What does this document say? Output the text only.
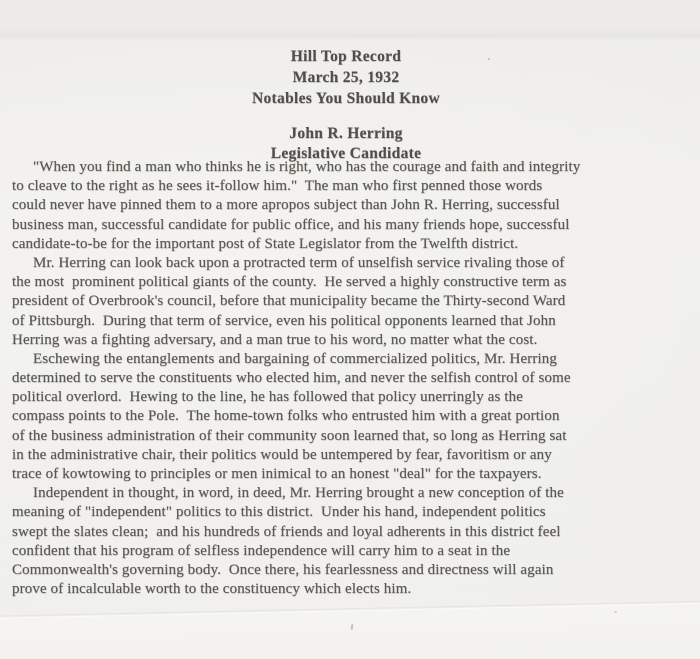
Hill Top Record
March 25, 1932
Notables You Should Know
John R. Herring
Legislative Candidate

"When you find a man who thinks he is right, who has the courage and faith and integrity
to cleave to the right as he sees it-follow him."  The man who first penned those words
could never have pinned them to a more apropos subject than John R. Herring, successful
business man, successful candidate for public office, and his many friends hope, successful
candidate-to-be for the important post of State Legislator from the Twelfth district.

Mr. Herring can look back upon a protracted term of unselfish service rivaling those of
the most  prominent political giants of the county.  He served a highly constructive term as
president of Overbrook's council, before that municipality became the Thirty-second Ward
of Pittsburgh.  During that term of service, even his political opponents learned that John
Herring was a fighting adversary, and a man true to his word, no matter what the cost.

Eschewing the entanglements and bargaining of commercialized politics, Mr. Herring
determined to serve the constituents who elected him, and never the selfish control of some
political overlord.  Hewing to the line, he has followed that policy unerringly as the
compass points to the Pole.  The home-town folks who entrusted him with a great portion
of the business administration of their community soon learned that, so long as Herring sat
in the administrative chair, their politics would be untempered by fear, favoritism or any
trace of kowtowing to principles or men inimical to an honest "deal" for the taxpayers.

Independent in thought, in word, in deed, Mr. Herring brought a new conception of the
meaning of "independent" politics to this district.  Under his hand, independent politics
swept the slates clean;  and his hundreds of friends and loyal adherents in this district feel
confident that his program of selfless independence will carry him to a seat in the
Commonwealth's governing body.  Once there, his fearlessness and directness will again
prove of incalculable worth to the constituency which elects him.
